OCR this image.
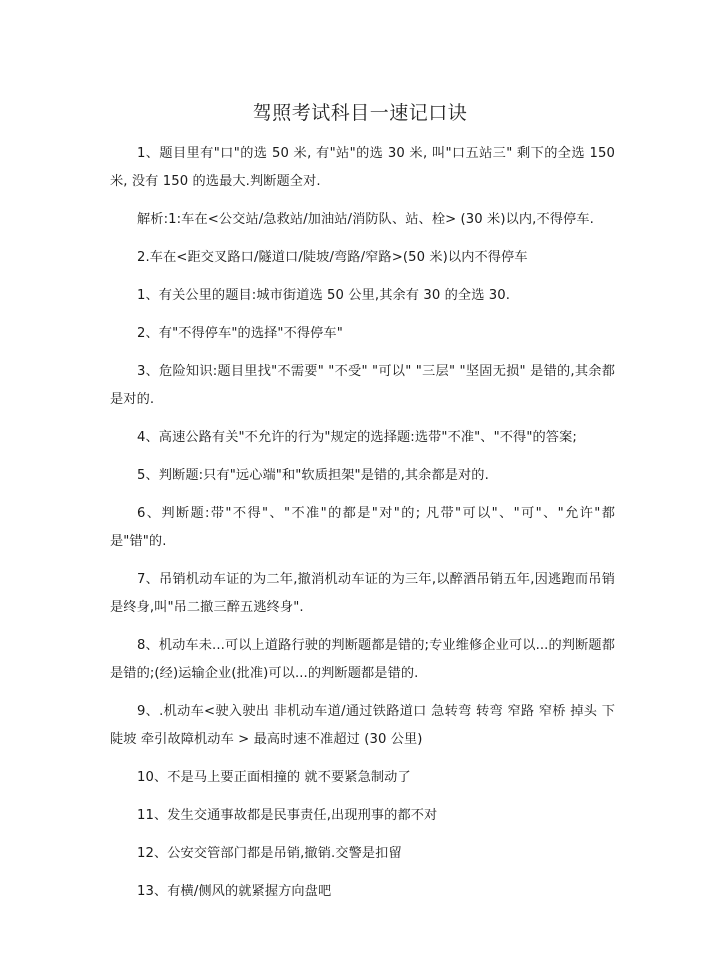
驾照考试科目一速记口诀

1、题目里有"口"的选 50 米, 有"站"的选 30 米, 叫"口五站三" 剩下的全选 150 米, 没有 150 的选最大.判断题全对.

解析:1:车在<公交站/急救站/加油站/消防队、站、栓> (30 米)以内,不得停车.

2.车在<距交叉路口/隧道口/陡坡/弯路/窄路>(50 米)以内不得停车

1、有关公里的题目:城市街道选 50 公里,其余有 30 的全选 30.

2、有"不得停车"的选择"不得停车"

3、危险知识:题目里找"不需要" "不受" "可以" "三层" "坚固无损" 是错的,其余都是对的.

4、高速公路有关"不允许的行为"规定的选择题:选带"不准"、"不得"的答案;

5、判断题:只有"远心端"和"软质担架"是错的,其余都是对的.

6、判断题:带"不得"、"不准"的都是"对"的; 凡带"可以"、"可"、"允许"都是"错"的.

7、吊销机动车证的为二年,撤消机动车证的为三年,以醉酒吊销五年,因逃跑而吊销是终身,叫"吊二撤三醉五逃终身".

8、机动车未...可以上道路行驶的判断题都是错的;专业维修企业可以...的判断题都是错的;(经)运输企业(批准)可以...的判断题都是错的.

9、.机动车<驶入驶出 非机动车道/通过铁路道口 急转弯 转弯 窄路 窄桥 掉头 下陡坡 牵引故障机动车 > 最高时速不准超过 (30 公里)

10、不是马上要正面相撞的 就不要紧急制动了

11、发生交通事故都是民事责任,出现刑事的都不对

12、公安交管部门都是吊销,撤销.交警是扣留

13、有横/侧风的就紧握方向盘吧
